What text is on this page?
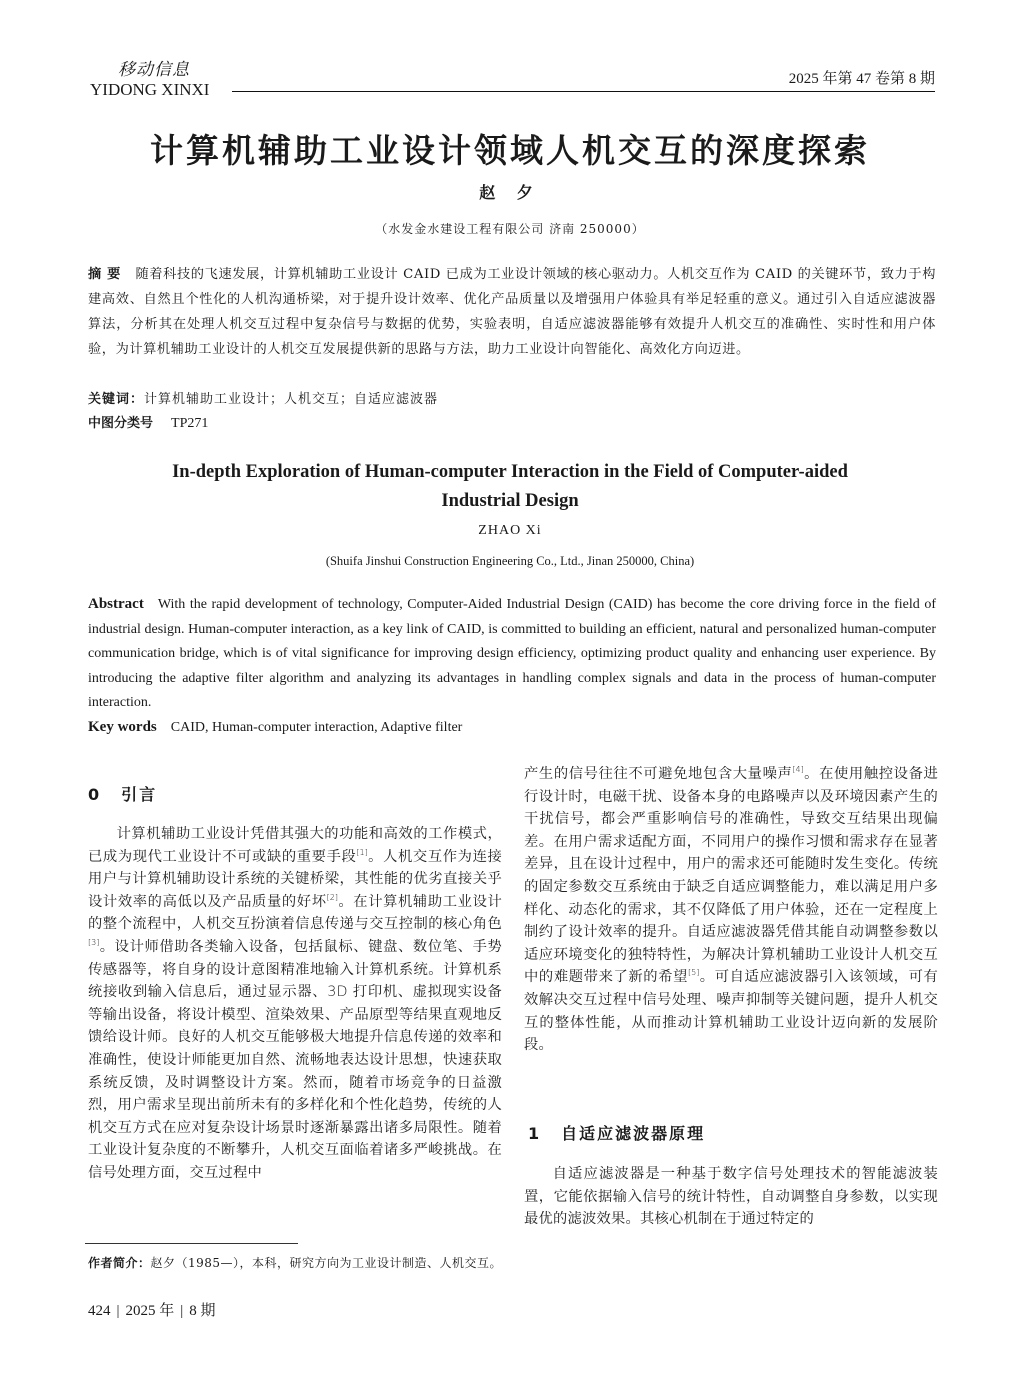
移动信息
YIDONG XINXI
2025 年第 47 卷第 8 期
计算机辅助工业设计领域人机交互的深度探索
赵 夕
（水发金水建设工程有限公司 济南 250000）
摘 要 随着科技的飞速发展，计算机辅助工业设计 CAID 已成为工业设计领域的核心驱动力。人机交互作为 CAID 的关键环节，致力于构建高效、自然且个性化的人机沟通桥梁，对于提升设计效率、优化产品质量以及增强用户体验具有举足轻重的意义。通过引入自适应滤波器算法，分析其在处理人机交互过程中复杂信号与数据的优势，实验表明，自适应滤波器能够有效提升人机交互的准确性、实时性和用户体验，为计算机辅助工业设计的人机交互发展提供新的思路与方法，助力工业设计向智能化、高效化方向迈进。
关键词：计算机辅助工业设计；人机交互；自适应滤波器
中图分类号 TP271
In-depth Exploration of Human-computer Interaction in the Field of Computer-aided Industrial Design
ZHAO Xi
(Shuifa Jinshui Construction Engineering Co., Ltd., Jinan 250000, China)
Abstract With the rapid development of technology, Computer-Aided Industrial Design (CAID) has become the core driving force in the field of industrial design. Human-computer interaction, as a key link of CAID, is committed to building an efficient, natural and personalized human-computer communication bridge, which is of vital significance for improving design efficiency, optimizing product quality and enhancing user experience. By introducing the adaptive filter algorithm and analyzing its advantages in handling complex signals and data in the process of human-computer interaction.
Key words CAID, Human-computer interaction, Adaptive filter
0 引言

计算机辅助工业设计凭借其强大的功能和高效的工作模式，已成为现代工业设计不可或缺的重要手段[1]。人机交互作为连接用户与计算机辅助设计系统的关键桥梁，其性能的优劣直接关乎设计效率的高低以及产品质量的好坏[2]。在计算机辅助工业设计的整个流程中，人机交互扮演着信息传递与交互控制的核心角色[3]。设计师借助各类输入设备，包括鼠标、键盘、数位笔、手势传感器等，将自身的设计意图精准地输入计算机系统。计算机系统接收到输入信息后，通过显示器、3D 打印机、虚拟现实设备等输出设备，将设计模型、渲染效果、产品原型等结果直观地反馈给设计师。良好的人机交互能够极大地提升信息传递的效率和准确性，使设计师能更加自然、流畅地表达设计思想，快速获取系统反馈，及时调整设计方案。然而，随着市场竞争的日益激烈，用户需求呈现出前所未有的多样化和个性化趋势，传统的人机交互方式在应对复杂设计场景时逐渐暴露出诸多局限性。随着工业设计复杂度的不断攀升，人机交互面临着诸多严峻挑战。在信号处理方面，交互过程中

产生的信号往往不可避免地包含大量噪声[4]。在使用触控设备进行设计时，电磁干扰、设备本身的电路噪声以及环境因素产生的干扰信号，都会严重影响信号的准确性，导致交互结果出现偏差。在用户需求适配方面，不同用户的操作习惯和需求存在显著差异，且在设计过程中，用户的需求还可能随时发生变化。传统的固定参数交互系统由于缺乏自适应调整能力，难以满足用户多样化、动态化的需求，其不仅降低了用户体验，还在一定程度上制约了设计效率的提升。自适应滤波器凭借其能自动调整参数以适应环境变化的独特特性，为解决计算机辅助工业设计人机交互中的难题带来了新的希望[5]。可自适应滤波器引入该领域，可有效解决交互过程中信号处理、噪声抑制等关键问题，提升人机交互的整体性能，从而推动计算机辅助工业设计迈向新的发展阶段。

1 自适应滤波器原理

自适应滤波器是一种基于数字信号处理技术的智能滤波装置，它能依据输入信号的统计特性，自动调整自身参数，以实现最优的滤波效果。其核心机制在于通过特定的

作者简介：赵夕（1985—），本科，研究方向为工业设计制造、人机交互。
424 | 2025 年 | 8 期
